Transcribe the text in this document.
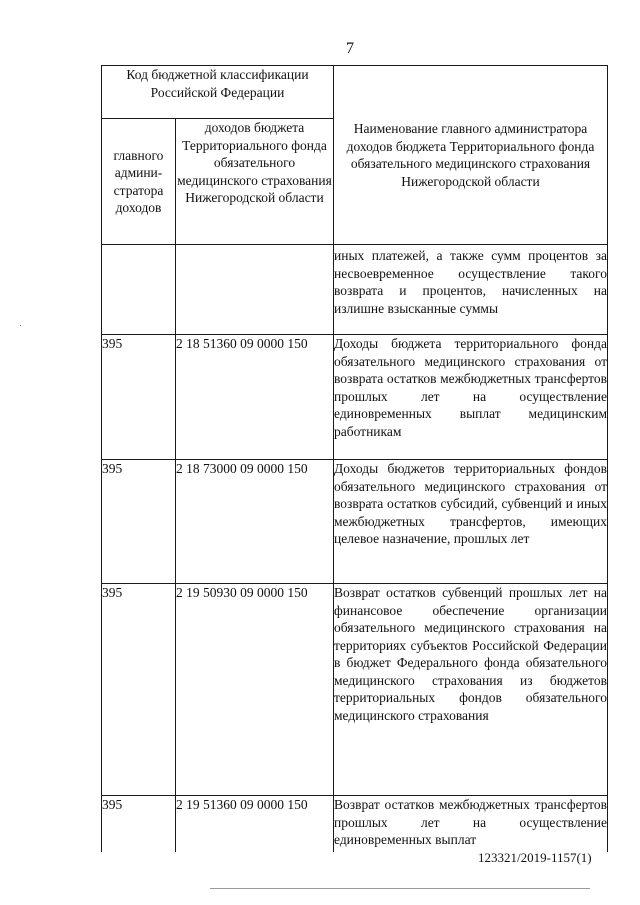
7
Код бюджетной классификации Российской Федерации		Наименование главного администратора доходов бюджета Территориального фонда обязательного медицинского страхования Нижегородской области
главного админи- стратора доходов	доходов бюджета Территориального фонда обязательного медицинского страхования Нижегородской области	
		иных платежей, а также сумм процентов за несвоевременное осуществление такого возврата и процентов, начисленных на излишне взысканные суммы
395	2 18 51360 09 0000 150	Доходы бюджета территориального фонда обязательного медицинского страхования от возврата остатков межбюджетных трансфертов прошлых лет на осуществление единовременных выплат медицинским работникам
395	2 18 73000 09 0000 150	Доходы бюджетов территориальных фондов обязательного медицинского страхования от возврата остатков субсидий, субвенций и иных межбюджетных трансфертов, имеющих целевое назначение, прошлых лет
395	2 19 50930 09 0000 150	Возврат остатков субвенций прошлых лет на финансовое обеспечение организации обязательного медицинского страхования на территориях субъектов Российской Федерации в бюджет Федерального фонда обязательного медицинского страхования из бюджетов территориальных фондов обязательного медицинского страхования
395	2 19 51360 09 0000 150	Возврат остатков межбюджетных трансфертов прошлых лет на осуществление единовременных выплат
123321/2019-1157(1)
